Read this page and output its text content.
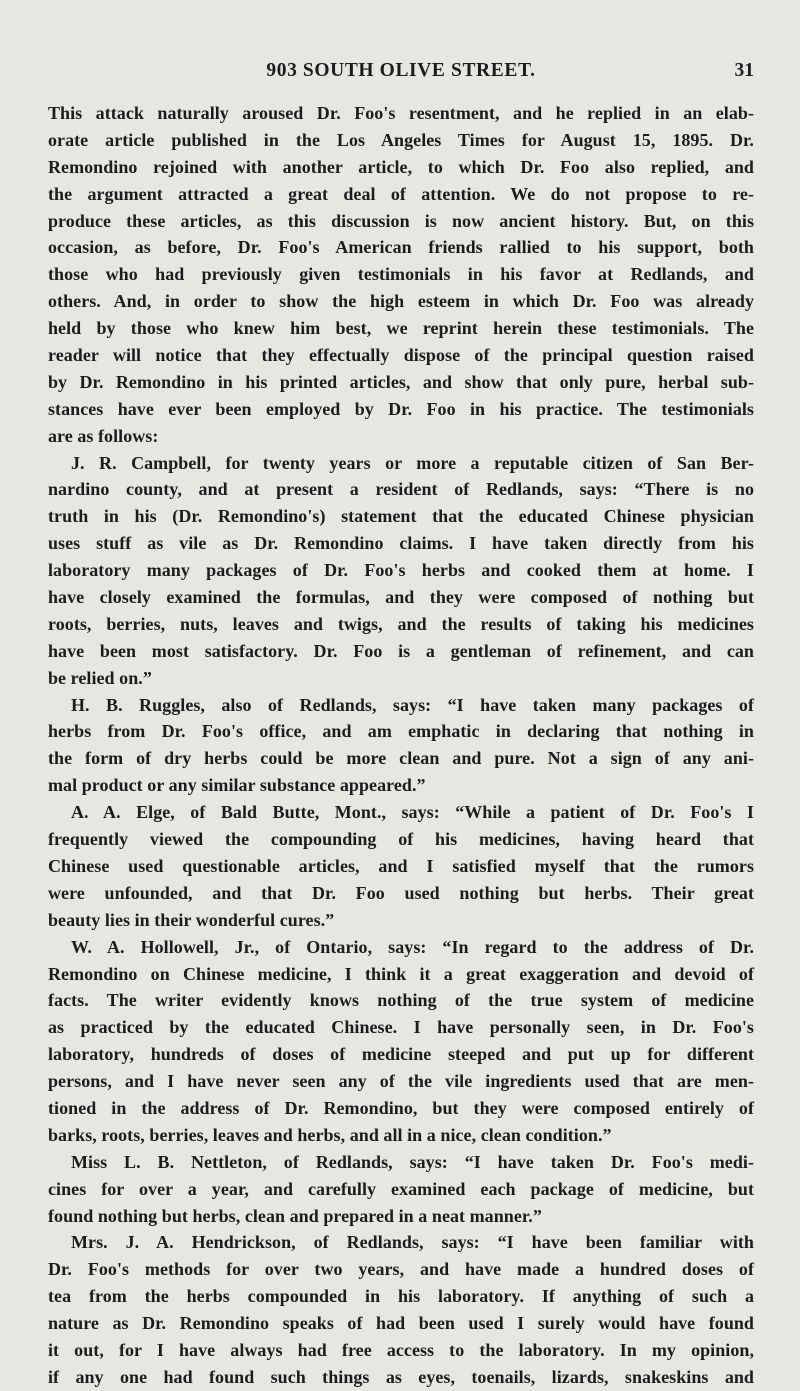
903 SOUTH OLIVE STREET.	31
This attack naturally aroused Dr. Foo's resentment, and he replied in an elab-
orate article published in the Los Angeles Times for August 15, 1895. Dr.
Remondino rejoined with another article, to which Dr. Foo also replied, and
the argument attracted a great deal of attention. We do not propose to re-
produce these articles, as this discussion is now ancient history. But, on this
occasion, as before, Dr. Foo's American friends rallied to his support, both
those who had previously given testimonials in his favor at Redlands, and
others. And, in order to show the high esteem in which Dr. Foo was already
held by those who knew him best, we reprint herein these testimonials. The
reader will notice that they effectually dispose of the principal question raised
by Dr. Remondino in his printed articles, and show that only pure, herbal sub-
stances have ever been employed by Dr. Foo in his practice. The testimonials
are as follows:
J. R. Campbell, for twenty years or more a reputable citizen of San Ber-
nardino county, and at present a resident of Redlands, says: “There is no
truth in his (Dr. Remondino's) statement that the educated Chinese physician
uses stuff as vile as Dr. Remondino claims. I have taken directly from his
laboratory many packages of Dr. Foo's herbs and cooked them at home. I
have closely examined the formulas, and they were composed of nothing but
roots, berries, nuts, leaves and twigs, and the results of taking his medicines
have been most satisfactory. Dr. Foo is a gentleman of refinement, and can
be relied on.”
H. B. Ruggles, also of Redlands, says: “I have taken many packages of
herbs from Dr. Foo's office, and am emphatic in declaring that nothing in
the form of dry herbs could be more clean and pure. Not a sign of any ani-
mal product or any similar substance appeared.”
A. A. Elge, of Bald Butte, Mont., says: “While a patient of Dr. Foo's I
frequently viewed the compounding of his medicines, having heard that
Chinese used questionable articles, and I satisfied myself that the rumors
were unfounded, and that Dr. Foo used nothing but herbs. Their great
beauty lies in their wonderful cures.”
W. A. Hollowell, Jr., of Ontario, says: “In regard to the address of Dr.
Remondino on Chinese medicine, I think it a great exaggeration and devoid of
facts. The writer evidently knows nothing of the true system of medicine
as practiced by the educated Chinese. I have personally seen, in Dr. Foo's
laboratory, hundreds of doses of medicine steeped and put up for different
persons, and I have never seen any of the vile ingredients used that are men-
tioned in the address of Dr. Remondino, but they were composed entirely of
barks, roots, berries, leaves and herbs, and all in a nice, clean condition.”
Miss L. B. Nettleton, of Redlands, says: “I have taken Dr. Foo's medi-
cines for over a year, and carefully examined each package of medicine, but
found nothing but herbs, clean and prepared in a neat manner.”
Mrs. J. A. Hendrickson, of Redlands, says: “I have been familiar with
Dr. Foo's methods for over two years, and have made a hundred doses of
tea from the herbs compounded in his laboratory. If anything of such a
nature as Dr. Remondino speaks of had been used I surely would have found
it out, for I have always had free access to the laboratory. In my opinion,
if any one had found such things as eyes, toenails, lizards, snakeskins and
